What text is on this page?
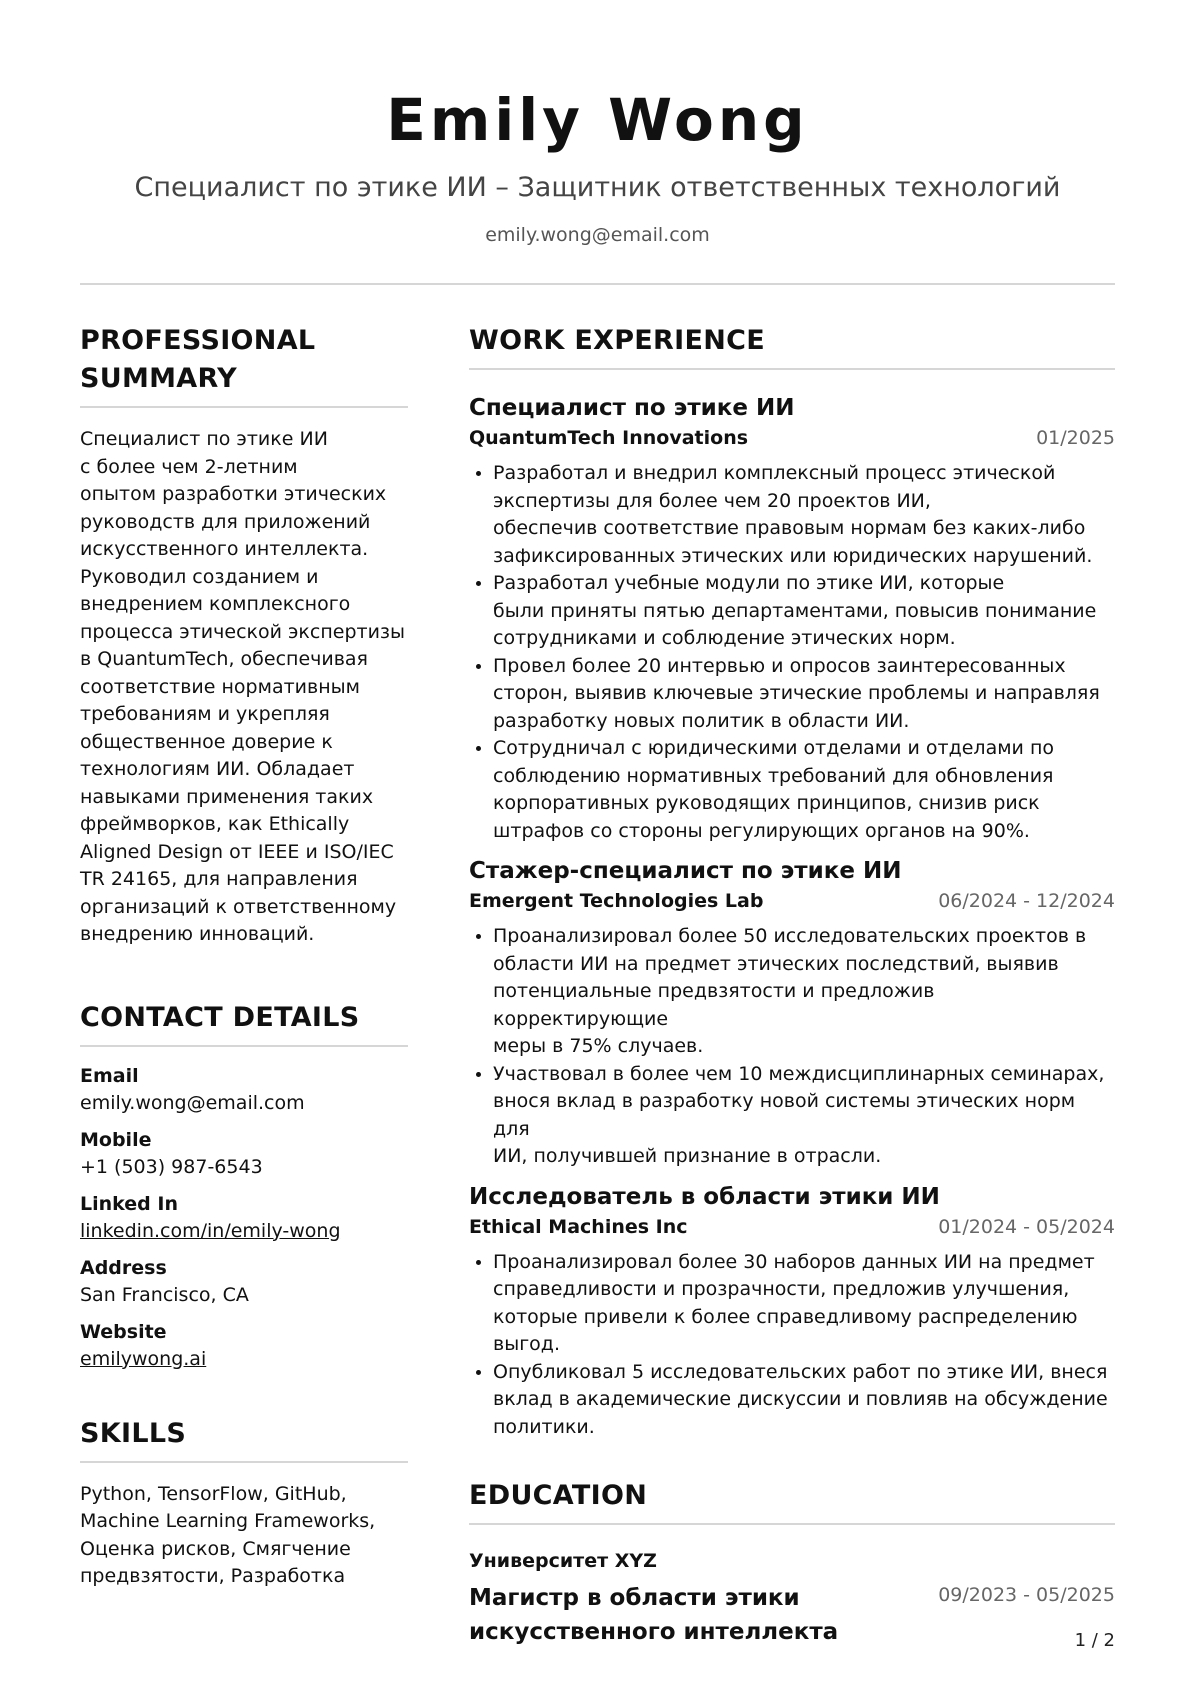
Emily Wong
Специалист по этике ИИ – Защитник ответственных технологий
emily.wong@email.com
PROFESSIONAL
SUMMARY
Специалист по этике ИИ
с более чем 2-летним
опытом разработки этических
руководств для приложений
искусственного интеллекта.
Руководил созданием и
внедрением комплексного
процесса этической экспертизы
в QuantumTech, обеспечивая
соответствие нормативным
требованиям и укрепляя
общественное доверие к
технологиям ИИ. Обладает
навыками применения таких
фреймворков, как Ethically
Aligned Design от IEEE и ISO/IEC
TR 24165, для направления
организаций к ответственному
внедрению инноваций.
CONTACT DETAILS
Email
emily.wong@email.com
Mobile
+1 (503) 987-6543
Linked In
linkedin.com/in/emily-wong
Address
San Francisco, CA
Website
emilywong.ai
SKILLS
Python, TensorFlow, GitHub,
Machine Learning Frameworks,
Оценка рисков, Смягчение
предвзятости, Разработка
WORK EXPERIENCE
Специалист по этике ИИ
QuantumTech Innovations	01/2025
• Разработал и внедрил комплексный процесс этической
экспертизы для более чем 20 проектов ИИ,
обеспечив соответствие правовым нормам без каких-либо
зафиксированных этических или юридических нарушений.
• Разработал учебные модули по этике ИИ, которые
были приняты пятью департаментами, повысив понимание
сотрудниками и соблюдение этических норм.
• Провел более 20 интервью и опросов заинтересованных
сторон, выявив ключевые этические проблемы и направляя
разработку новых политик в области ИИ.
• Сотрудничал с юридическими отделами и отделами по
соблюдению нормативных требований для обновления
корпоративных руководящих принципов, снизив риск
штрафов со стороны регулирующих органов на 90%.
Стажер-специалист по этике ИИ
Emergent Technologies Lab	06/2024 - 12/2024
• Проанализировал более 50 исследовательских проектов в
области ИИ на предмет этических последствий, выявив
потенциальные предвзятости и предложив корректирующие
меры в 75% случаев.
• Участвовал в более чем 10 междисциплинарных семинарах,
внося вклад в разработку новой системы этических норм для
ИИ, получившей признание в отрасли.
Исследователь в области этики ИИ
Ethical Machines Inc	01/2024 - 05/2024
• Проанализировал более 30 наборов данных ИИ на предмет
справедливости и прозрачности, предложив улучшения,
которые привели к более справедливому распределению
выгод.
• Опубликовал 5 исследовательских работ по этике ИИ, внеся
вклад в академические дискуссии и повлияв на обсуждение
политики.
EDUCATION
Университет XYZ
Магистр в области этики
искусственного интеллекта
09/2023 - 05/2025
1 / 2
